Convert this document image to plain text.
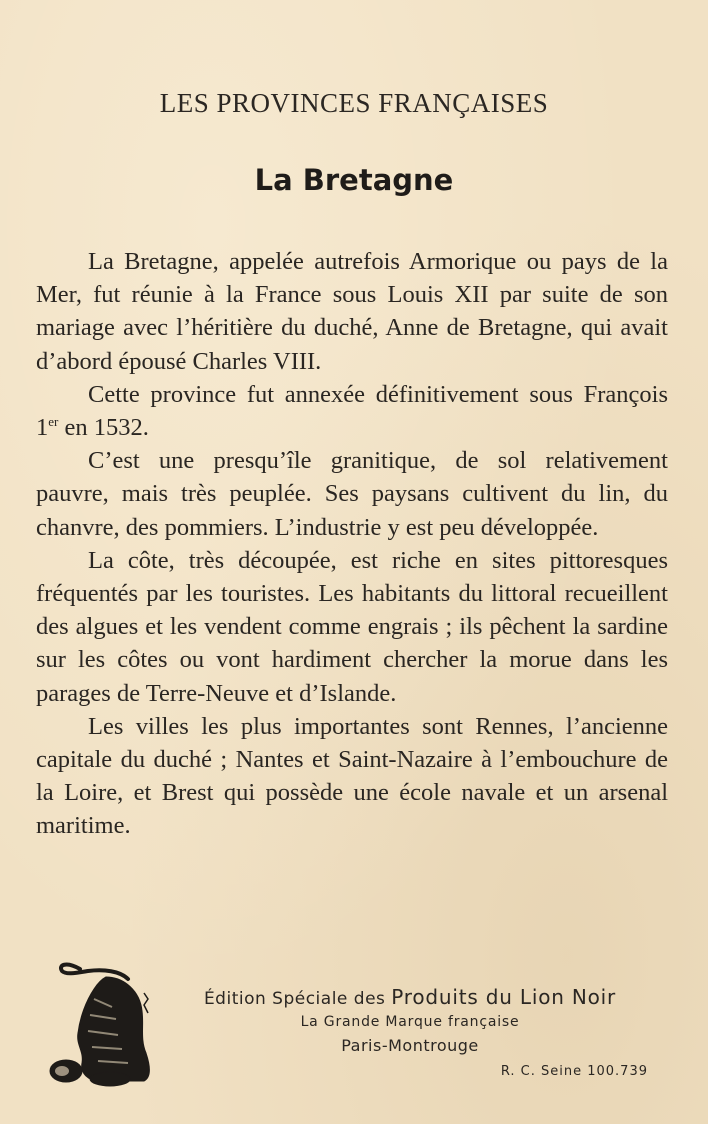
LES PROVINCES FRANÇAISES
La Bretagne

La Bretagne, appelée autrefois Armorique ou pays de la Mer, fut réunie à la France sous Louis XII par suite de son mariage avec l’héritière du duché, Anne de Bretagne, qui avait d’abord épousé Charles VIII.

Cette province fut annexée définitivement sous François 1er en 1532.

C’est une presqu’île granitique, de sol relativement pauvre, mais très peuplée. Ses paysans cultivent du lin, du chanvre, des pommiers. L’industrie y est peu développée.

La côte, très découpée, est riche en sites pittoresques fréquentés par les touristes. Les habitants du littoral recueillent des algues et les vendent comme engrais ; ils pêchent la sardine sur les côtes ou vont hardiment chercher la morue dans les parages de Terre-Neuve et d’Islande.

Les villes les plus importantes sont Rennes, l’ancienne capitale du duché ; Nantes et Saint-Nazaire à l’embouchure de la Loire, et Brest qui possède une école navale et un arsenal maritime.

Édition Spéciale des Produits du Lion Noir
La Grande Marque française
Paris-Montrouge
R. C. Seine 100.739
